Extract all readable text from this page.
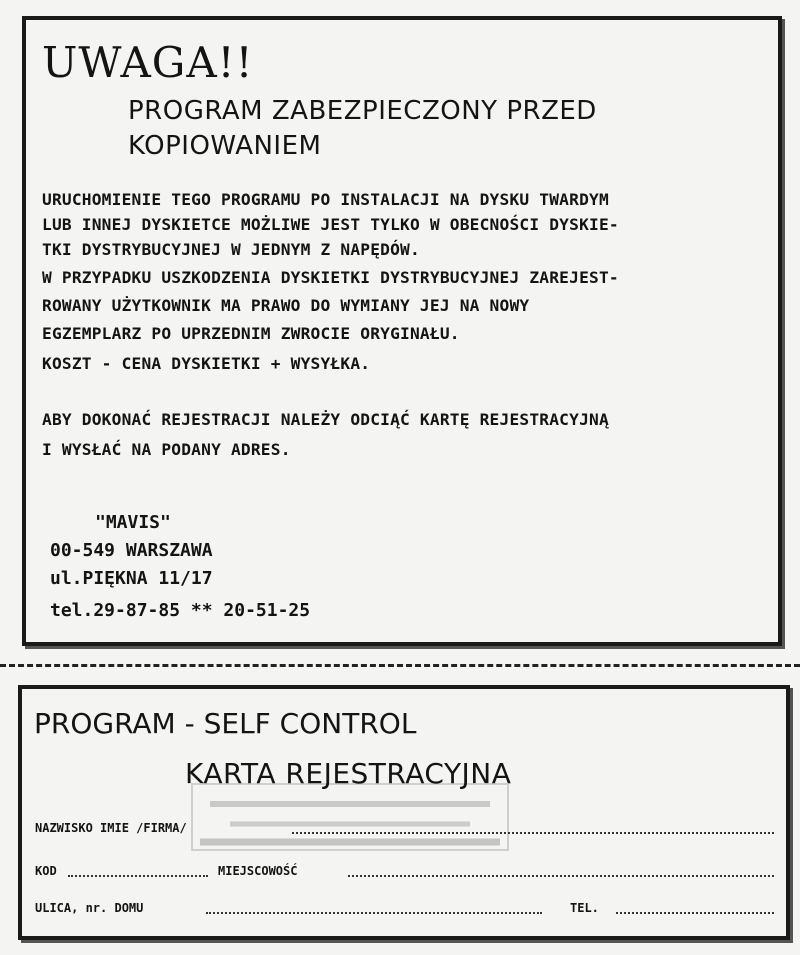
UWAGA!!
PROGRAM ZABEZPIECZONY PRZED
KOPIOWANIEM
URUCHOMIENIE TEGO PROGRAMU PO INSTALACJI NA DYSKU TWARDYM
LUB INNEJ DYSKIETCE MOŻLIWE JEST TYLKO W OBECNOŚCI DYSKIE-
TKI DYSTRYBUCYJNEJ W JEDNYM Z NAPĘDÓW.
W PRZYPADKU USZKODZENIA DYSKIETKI DYSTRYBUCYJNEJ ZAREJEST-
ROWANY UŻYTKOWNIK MA PRAWO DO WYMIANY JEJ NA NOWY
EGZEMPLARZ PO UPRZEDNIM ZWROCIE ORYGINAŁU.
KOSZT - CENA DYSKIETKI + WYSYŁKA.
ABY DOKONAĆ REJESTRACJI NALEŻY ODCIĄĆ KARTĘ REJESTRACYJNĄ
I WYSŁAĆ NA PODANY ADRES.
"MAVIS"
00-549 WARSZAWA
ul.PIĘKNA 11/17
tel.29-87-85 ** 20-51-25
PROGRAM - SELF CONTROL
KARTA REJESTRACYJNA
NAZWISKO IMIE /FIRMA/
KOD	MIEJSCOWOŚĆ
ULICA, nr. DOMU	TEL.
